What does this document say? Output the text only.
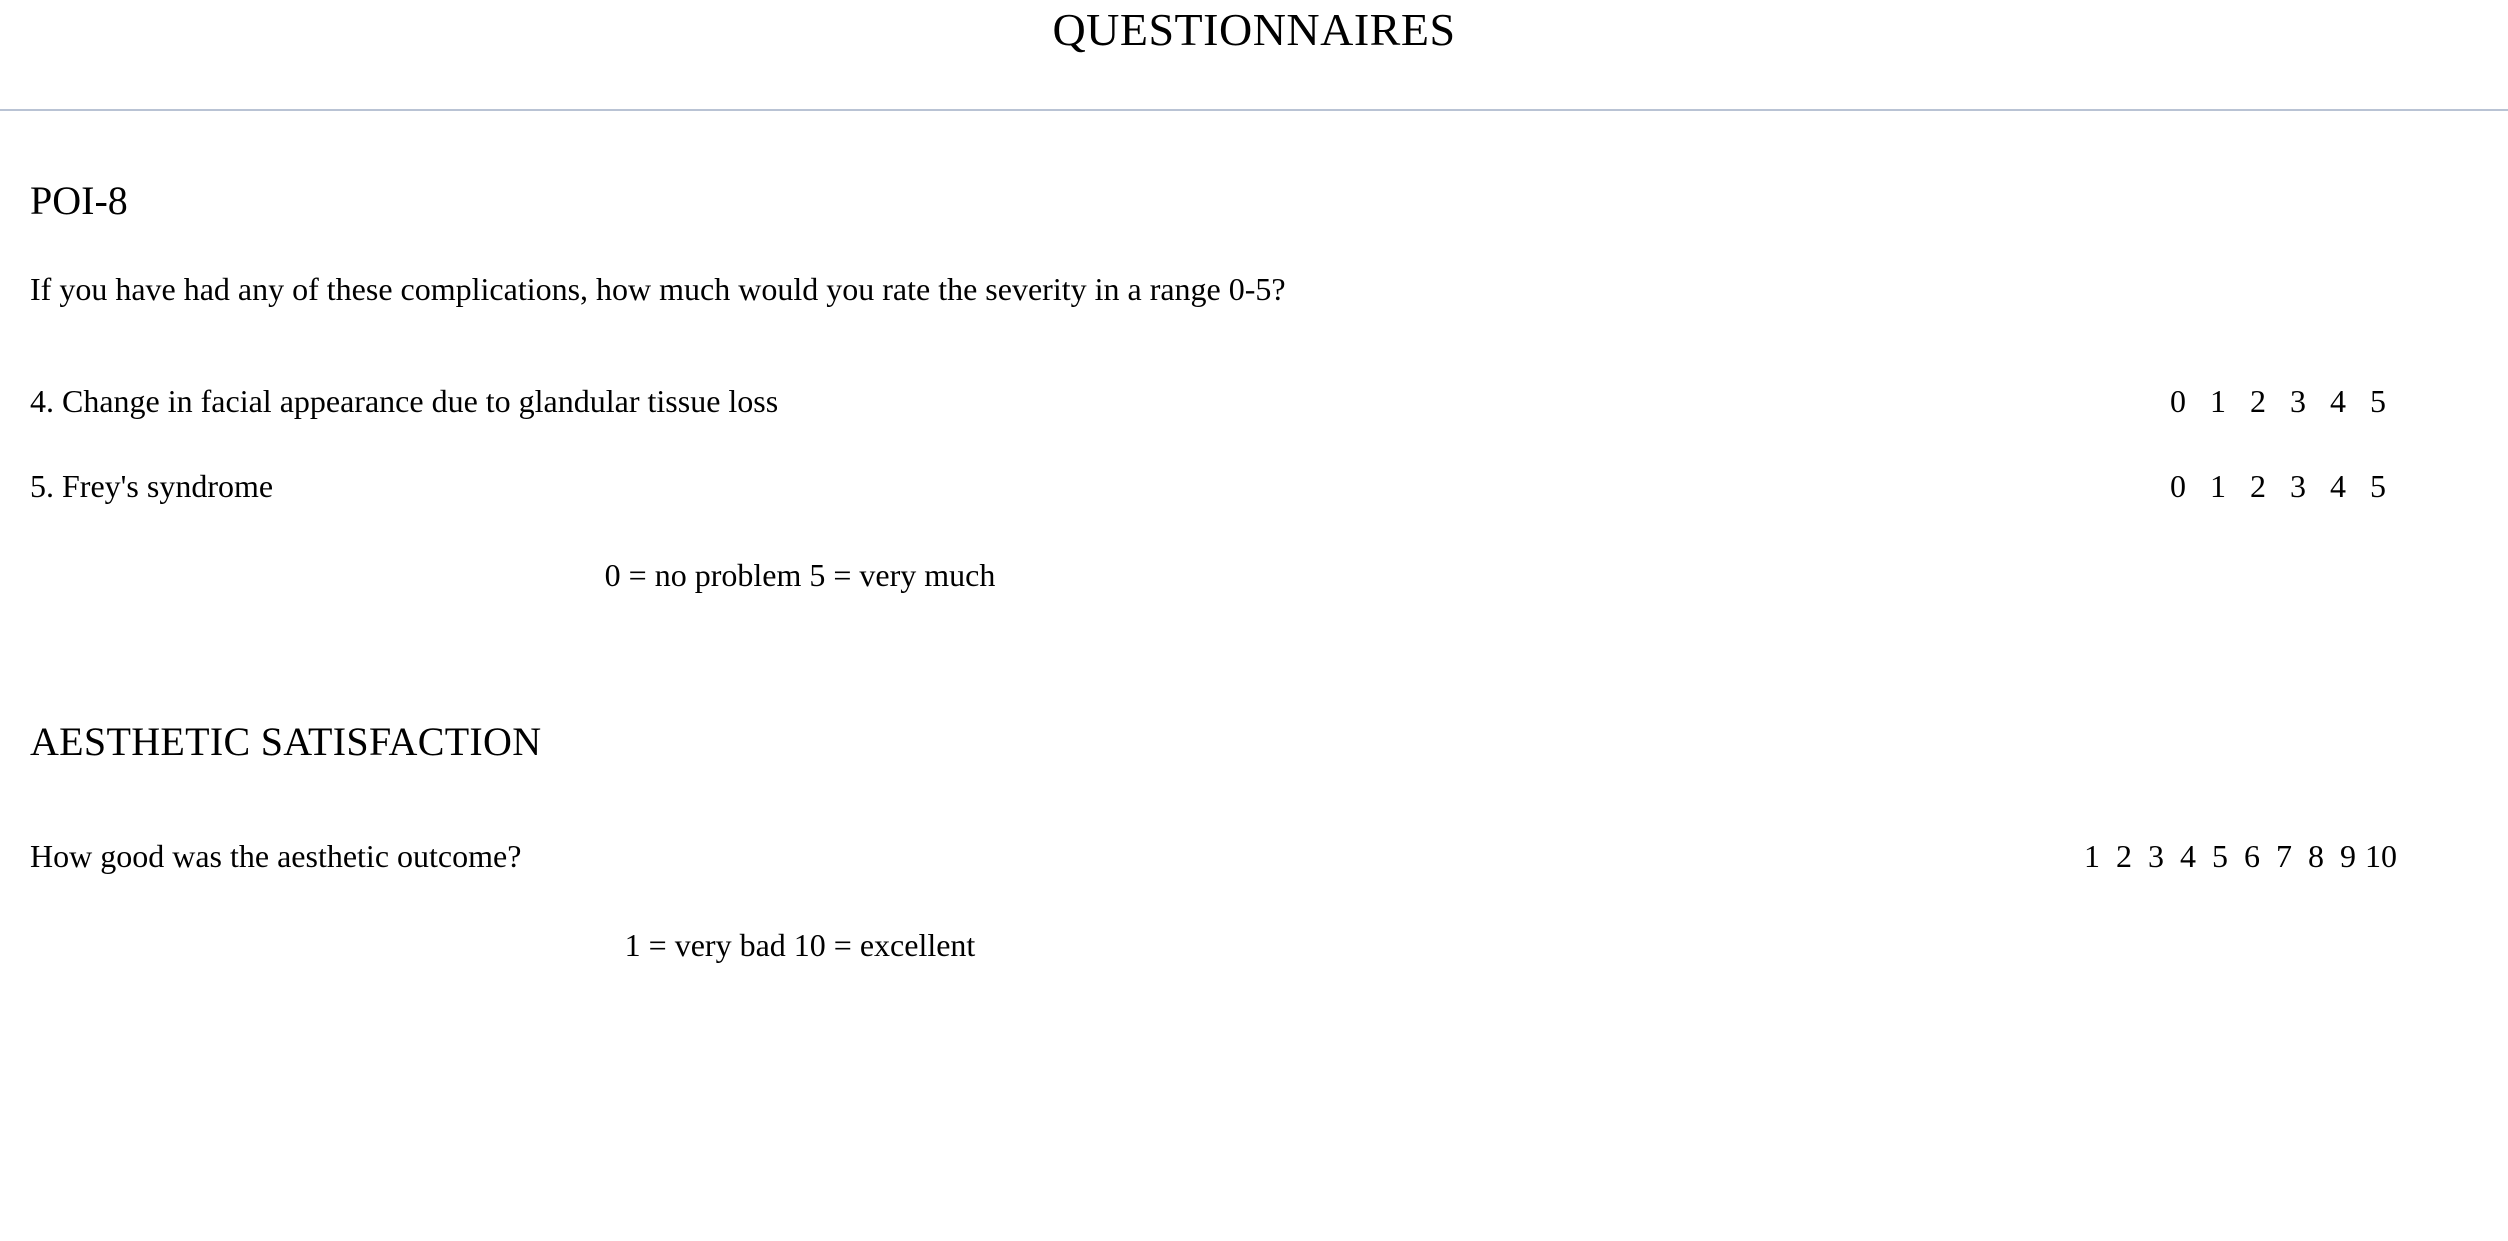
QUESTIONNAIRES
POI-8
If you have had any of these complications, how much would you rate the severity in a range 0-5?
4. Change in facial appearance due to glandular tissue loss	0 1 2 3 4 5
5. Frey's syndrome	0 1 2 3 4 5
0 = no problem 5 = very much
AESTHETIC SATISFACTION
How good was the aesthetic outcome?	1 2 3 4 5 6 7 8 9 10
1 = very bad 10 = excellent
